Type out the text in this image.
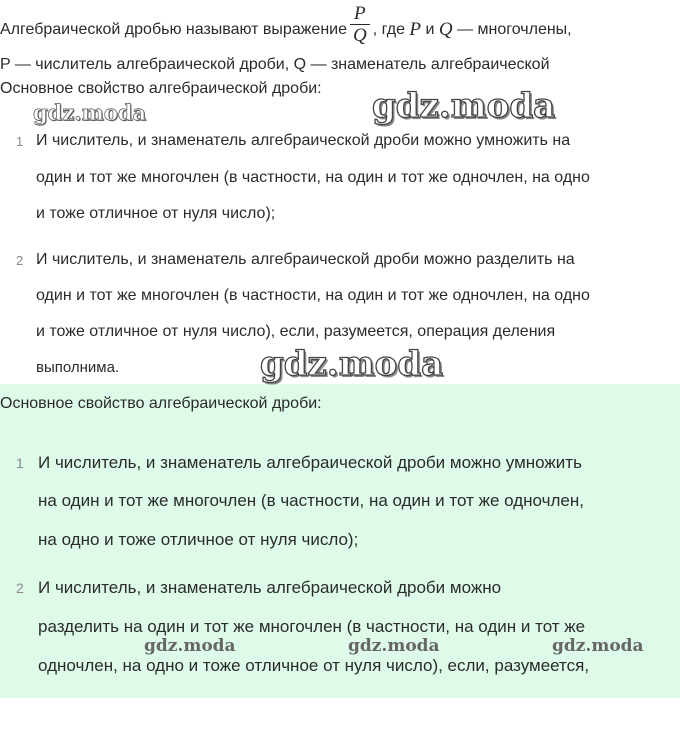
Алгебраической дробью называют выражение $\frac{P}{Q}$ , где
P
и
Q
— многочлены,
P — числитель алгебраической дроби, Q — знаменатель алгебраической
Основное свойство алгебраической дроби:
1 И числитель, и знаменатель алгебраической дроби можно умножить на
один и тот же многочлен (в частности, на один и тот же одночлен, на одно
и тоже отличное от нуля число);
2 И числитель, и знаменатель алгебраической дроби можно разделить на
один и тот же многочлен (в частности, на один и тот же одночлен, на одно
и тоже отличное от нуля число), если, разумеется, операция деления
выполнима.
Основное свойство алгебраической дроби:
1 И числитель, и знаменатель алгебраической дроби можно умножить
на один и тот же многочлен (в частности, на один и тот же одночлен,
на одно и тоже отличное от нуля число);
2 И числитель, и знаменатель алгебраической дроби можно
разделить на один и тот же многочлен (в частности, на один и тот же
одночлен, на одно и тоже отличное от нуля число), если, разумеется,
gdz.moda	gdz.moda
gdz.moda
gdz.moda	gdz.moda	gdz.moda
